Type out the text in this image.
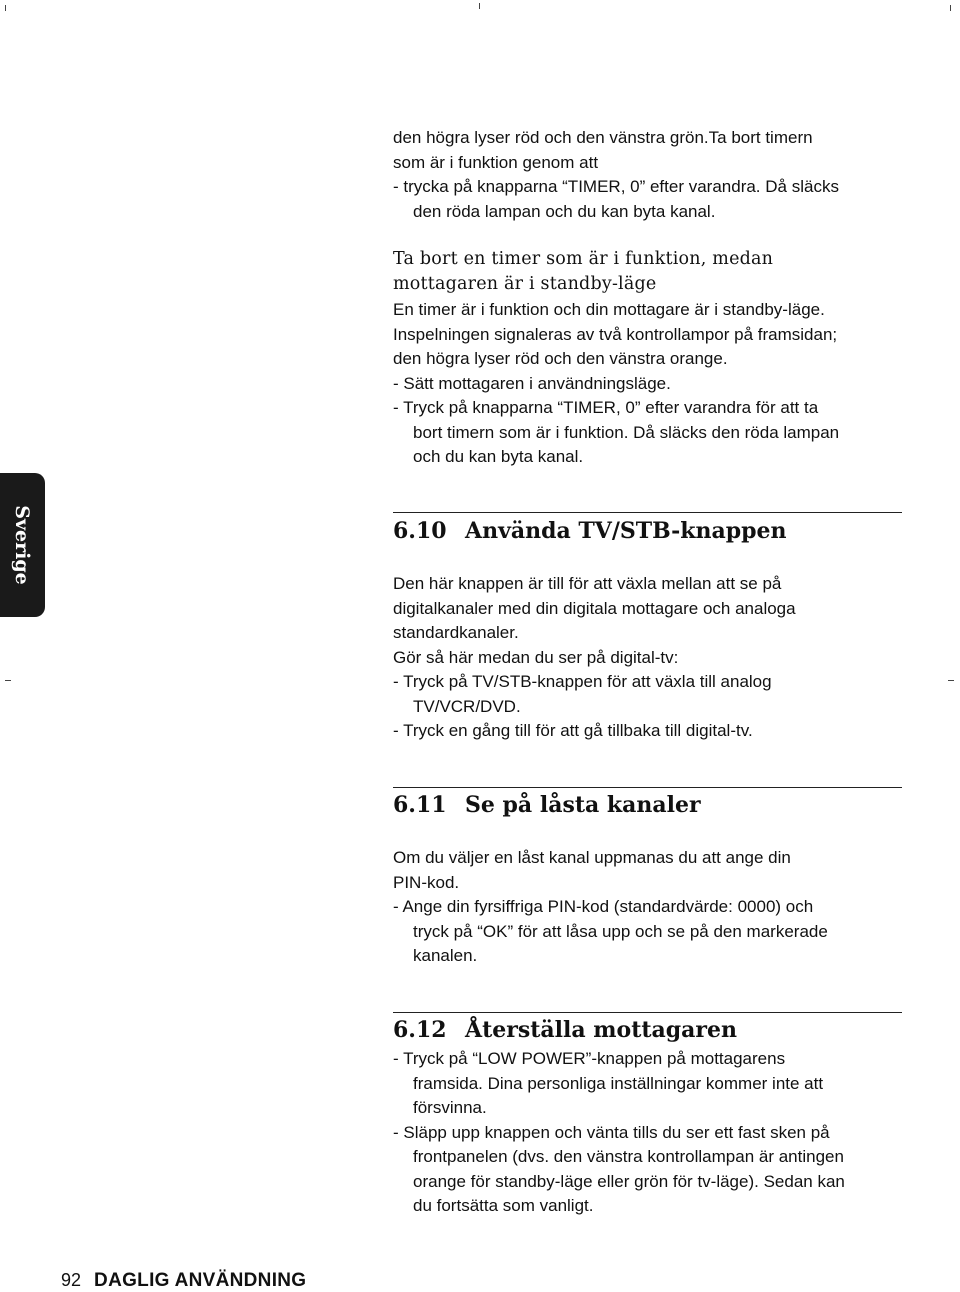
den högra lyser röd och den vänstra grön.Ta bort timern
som är i funktion genom att
- trycka på knapparna “TIMER, 0” efter varandra. Då släcks
den röda lampan och du kan byta kanal.
Ta bort en timer som är i funktion, medan
mottagaren är i standby-läge
En timer är i funktion och din mottagare är i standby-läge.
Inspelningen signaleras av två kontrollampor på framsidan;
den högra lyser röd och den vänstra orange.
- Sätt mottagaren i användningsläge.
- Tryck på knapparna “TIMER, 0” efter varandra för att ta
bort timern som är i funktion. Då släcks den röda lampan
och du kan byta kanal.
Sverige	6.10 Använda TV/STB-knappen
Den här knappen är till för att växla mellan att se på
digitalkanaler med din digitala mottagare och analoga
standardkanaler.
Gör så här medan du ser på digital-tv:
- Tryck på TV/STB-knappen för att växla till analog
TV/VCR/DVD.
- Tryck en gång till för att gå tillbaka till digital-tv.
6.11 Se på låsta kanaler
Om du väljer en låst kanal uppmanas du att ange din
PIN-kod.
- Ange din fyrsiffriga PIN-kod (standardvärde: 0000) och
tryck på “OK” för att låsa upp och se på den markerade
kanalen.
6.12 Återställa mottagaren
- Tryck på “LOW POWER”-knappen på mottagarens
framsida. Dina personliga inställningar kommer inte att
försvinna.
- Släpp upp knappen och vänta tills du ser ett fast sken på
frontpanelen (dvs. den vänstra kontrollampan är antingen
orange för standby-läge eller grön för tv-läge). Sedan kan
du fortsätta som vanligt.
92 DAGLIG ANVÄNDNING
